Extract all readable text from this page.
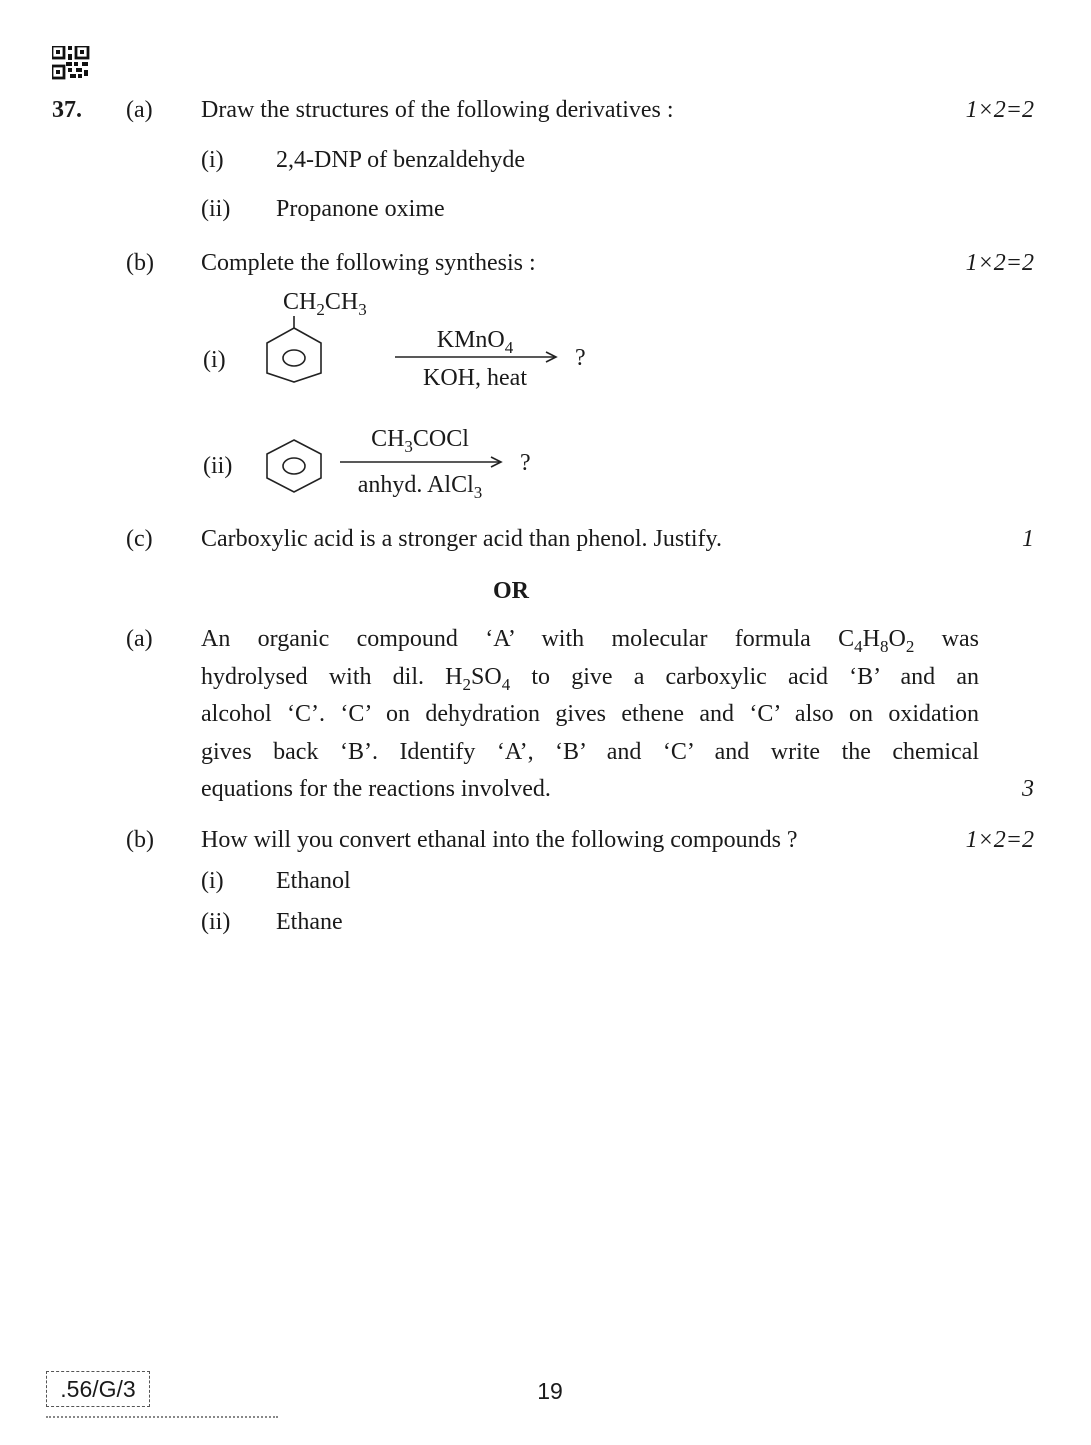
37. (a) Draw the structures of the following derivatives :	1×2=2
(i) 2,4-DNP of benzaldehyde
(ii) Propanone oxime
(b) Complete the following synthesis :	1×2=2
$CH_2CH_3$
(i)
KMnO$_4$
KOH, heat
?
(ii)
$CH_3COCl$
anhyd. AlCl$_3$
?
(c) Carboxylic acid is a stronger acid than phenol. Justify.	1
OR
(a) An organic compound ‘A’ with molecular formula $C_4H_8O_2$ was
hydrolysed with dil. $H_2SO_4$ to give a carboxylic acid ‘B’ and an
alcohol ‘C’. ‘C’ on dehydration gives ethene and ‘C’ also on oxidation
gives back ‘B’. Identify ‘A’, ‘B’ and ‘C’ and write the chemical
equations for the reactions involved.	3
(b) How will you convert ethanal into the following compounds ?	1×2=2
(i) Ethanol
(ii) Ethane
.56/G/3	19
